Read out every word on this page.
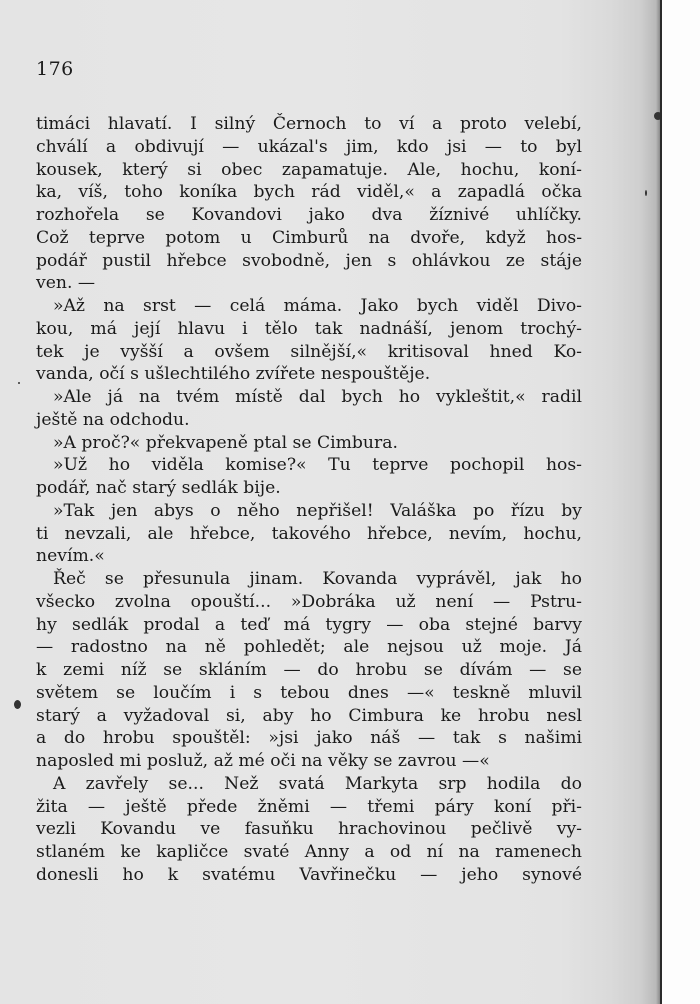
176
timáci hlavatí. I silný Černoch to ví a proto velebí,
chválí a obdivují — ukázal's jim, kdo jsi — to byl
kousek, který si obec zapamatuje. Ale, hochu, koní-
ka, víš, toho koníka bych rád viděl,« a zapadlá očka
rozhořela se Kovandovi jako dva žíznivé uhlíčky.
Což teprve potom u Cimburů na dvoře, když hos-
podář pustil hřebce svobodně, jen s ohlávkou ze stáje
ven. —
»Až na srst — celá máma. Jako bych viděl Divo-
kou, má její hlavu i tělo tak nadnáší, jenom trochý-
tek je vyšší a ovšem silnější,« kritisoval hned Ko-
vanda, očí s ušlechtilého zvířete nespouštěje.
»Ale já na tvém místě dal bych ho vykleštit,« radil
ještě na odchodu.
»A proč?« překvapeně ptal se Cimbura.
»Už ho viděla komise?« Tu teprve pochopil hos-
podář, nač starý sedlák bije.
»Tak jen abys o něho nepřišel! Valáška po řízu by
ti nevzali, ale hřebce, takového hřebce, nevím, hochu,
nevím.«
Řeč se přesunula jinam. Kovanda vyprávěl, jak ho
všecko zvolna opouští... »Dobráka už není — Pstru-
hy sedlák prodal a teď má tygry — oba stejné barvy
— radostno na ně pohledět; ale nejsou už moje. Já
k zemi níž se skláním — do hrobu se dívám — se
světem se loučím i s tebou dnes —« teskně mluvil
starý a vyžadoval si, aby ho Cimbura ke hrobu nesl
a do hrobu spouštěl: »jsi jako náš — tak s našimi
naposled mi posluž, až mé oči na věky se zavrou —«
A zavřely se... Než svatá Markyta srp hodila do
žita — ještě přede žněmi — třemi páry koní při-
vezli Kovandu ve fasuňku hrachovinou pečlivě vy-
stlaném ke kapličce svaté Anny a od ní na ramenech
donesli ho k svatému Vavřinečku — jeho synové
